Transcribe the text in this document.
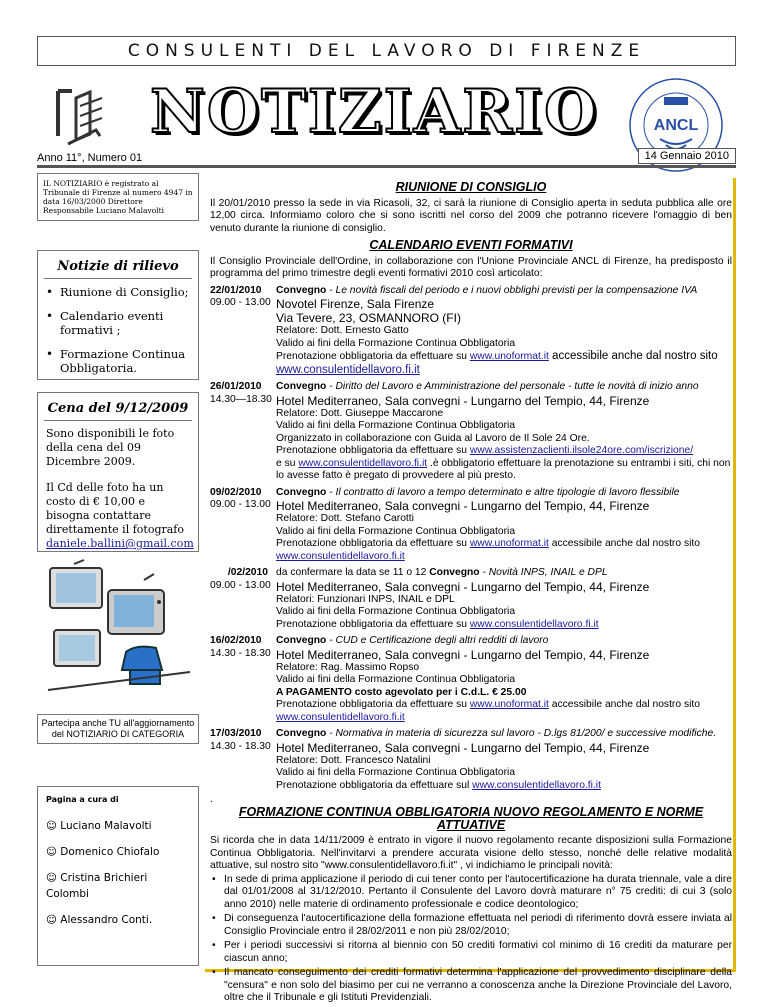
CONSULENTI DEL LAVORO DI FIRENZE
NOTIZIARIO	ANCL
Anno 11°, Numero 01	14 Gennaio 2010
IL NOTIZIARIO è registrato al Tribunale di Firenze al numero 4947 in data 16/03/2000 Direttore Responsabile Luciano Malavolti
Notizie di rilievo
• Riunione di Consiglio;
• Calendario eventi formativi ;
• Formazione Continua Obbligatoria.
Cena del 9/12/2009

Sono disponibili le foto della cena del 09 Dicembre 2009.

Il Cd delle foto ha un costo di € 10,00 e bisogna contattare direttamente il fotografo

daniele.ballini@gmail.com

Partecipa anche TU all'aggiornamento del NOTIZIARIO DI CATEGORIA
Pagina a cura di
☺ Luciano Malavolti
☺ Domenico Chiofalo
☺ Cristina Brichieri Colombi
☺ Alessandro Conti.
RIUNIONE DI CONSIGLIO

Il 20/01/2010 presso la sede in via Ricasoli, 32, ci sarà la riunione di Consiglio aperta in seduta pubblica alle ore 12,00 circa. Informiamo coloro che si sono iscritti nel corso del 2009 che potranno ricevere l'omaggio di ben venuto durante la riunione di consiglio.

CALENDARIO EVENTI FORMATIVI

Il Consiglio Provinciale dell'Ordine, in collaborazione con l'Unione Provinciale ANCL di Firenze, ha predisposto il programma del primo trimestre degli eventi formativi 2010 così articolato:

22/01/2010	Convegno - Le novità fiscali del periodo e i nuovi obblighi previsti per la compensazione IVA
09.00 - 13.00 Novotel Firenze, Sala Firenze
Via Tevere, 23, OSMANNORO (FI)
Relatore: Dott. Ernesto Gatto
Valido ai fini della Formazione Continua Obbligatoria
Prenotazione obbligatoria da effettuare su www.unoformat.it accessibile anche dal nostro sito
www.consulentidellavoro.fi.it
26/01/2010	Convegno - Diritto del Lavoro e Amministrazione del personale - tutte le novità di inizio anno
14.30—18.30 Hotel Mediterraneo, Sala convegni - Lungarno del Tempio, 44, Firenze
Relatore: Dott. Giuseppe Maccarone
Valido ai fini della Formazione Continua Obbligatoria
Organizzato in collaborazione con Guida al Lavoro de Il Sole 24 Ore.
Prenotazione obbligatoria da effettuare su www.assistenzaclienti.ilsole24ore.com/iscrizione/
e su www.consulentidellavoro.fi.it .è obbligatorio effettuare la prenotazione su entrambi i siti, chi non lo avesse fatto è pregato di provvedere al più presto.
09/02/2010	Convegno - Il contratto di lavoro a tempo determinato e altre tipologie di lavoro flessibile
09.00 - 13.00 Hotel Mediterraneo, Sala convegni - Lungarno del Tempio, 44, Firenze
Relatore: Dott. Stefano Carotti
Valido ai fini della Formazione Continua Obbligatoria
Prenotazione obbligatoria da effettuare su www.unoformat.it accessibile anche dal nostro sito
www.consulentidellavoro.fi.it
/02/2010 da confermare la data se 11 o 12 Convegno - Novità INPS, INAIL e DPL
09.00 - 13.00 Hotel Mediterraneo, Sala convegni - Lungarno del Tempio, 44, Firenze
Relatori: Funzionari INPS, INAIL e DPL
Valido ai fini della Formazione Continua Obbligatoria
Prenotazione obbligatoria da effettuare su www.consulentidellavoro.fi.it
16/02/2010	Convegno - CUD e Certificazione degli altri redditi di lavoro
14.30 - 18.30 Hotel Mediterraneo, Sala convegni - Lungarno del Tempio, 44, Firenze
Relatore: Rag. Massimo Ropso
Valido ai fini della Formazione Continua Obbligatoria
A PAGAMENTO costo agevolato per i C.d.L. € 25.00
Prenotazione obbligatoria da effettuare su www.unoformat.it accessibile anche dal nostro sito
www.consulentidellavoro.fi.it
17/03/2010	Convegno - Normativa in materia di sicurezza sul lavoro - D.lgs 81/200/ e successive modifiche.
14.30 - 18.30 Hotel Mediterraneo, Sala convegni - Lungarno del Tempio, 44, Firenze
Relatore: Dott. Francesco Natalini
Valido ai fini della Formazione Continua Obbligatoria
Prenotazione obbligatoria da effettuare sul www.consulentidellavoro.fi.it
.
FORMAZIONE CONTINUA OBBLIGATORIA NUOVO REGOLAMENTO E NORME ATTUATIVE

Si ricorda che in data 14/11/2009 è entrato in vigore il nuovo regolamento recante disposizioni sulla Formazione Continua Obbligatoria. Nell'invitarvi a prendere accurata visione dello stesso, nonché delle relative modalità attuative, sul nostro sito "www.consulentidellavoro.fi.it" , vi indichiamo le principali novità:

• In sede di prima applicazione il periodo di cui tener conto per l'autocertificazione ha durata triennale, vale a dire dal 01/01/2008 al 31/12/2010. Pertanto il Consulente del Lavoro dovrà maturare n° 75 crediti: di cui 3 (solo anno 2010) nelle materie di ordinamento professionale e codice deontologico;
• Di conseguenza l'autocertificazione della formazione effettuata nel periodi di riferimento dovrà essere inviata al Consiglio Provinciale entro il 28/02/2011 e non più 28/02/2010;
• Per i periodi successivi si ritorna al biennio con 50 crediti formativi col minimo di 16 crediti da maturare per ciascun anno;
• Il mancato conseguimento dei crediti formativi determina l'applicazione del provvedimento disciplinare della "censura" e non solo del biasimo per cui ne verranno a conoscenza anche la Direzione Provinciale del Lavoro, oltre che il Tribunale e gli Istituti Previdenziali.
